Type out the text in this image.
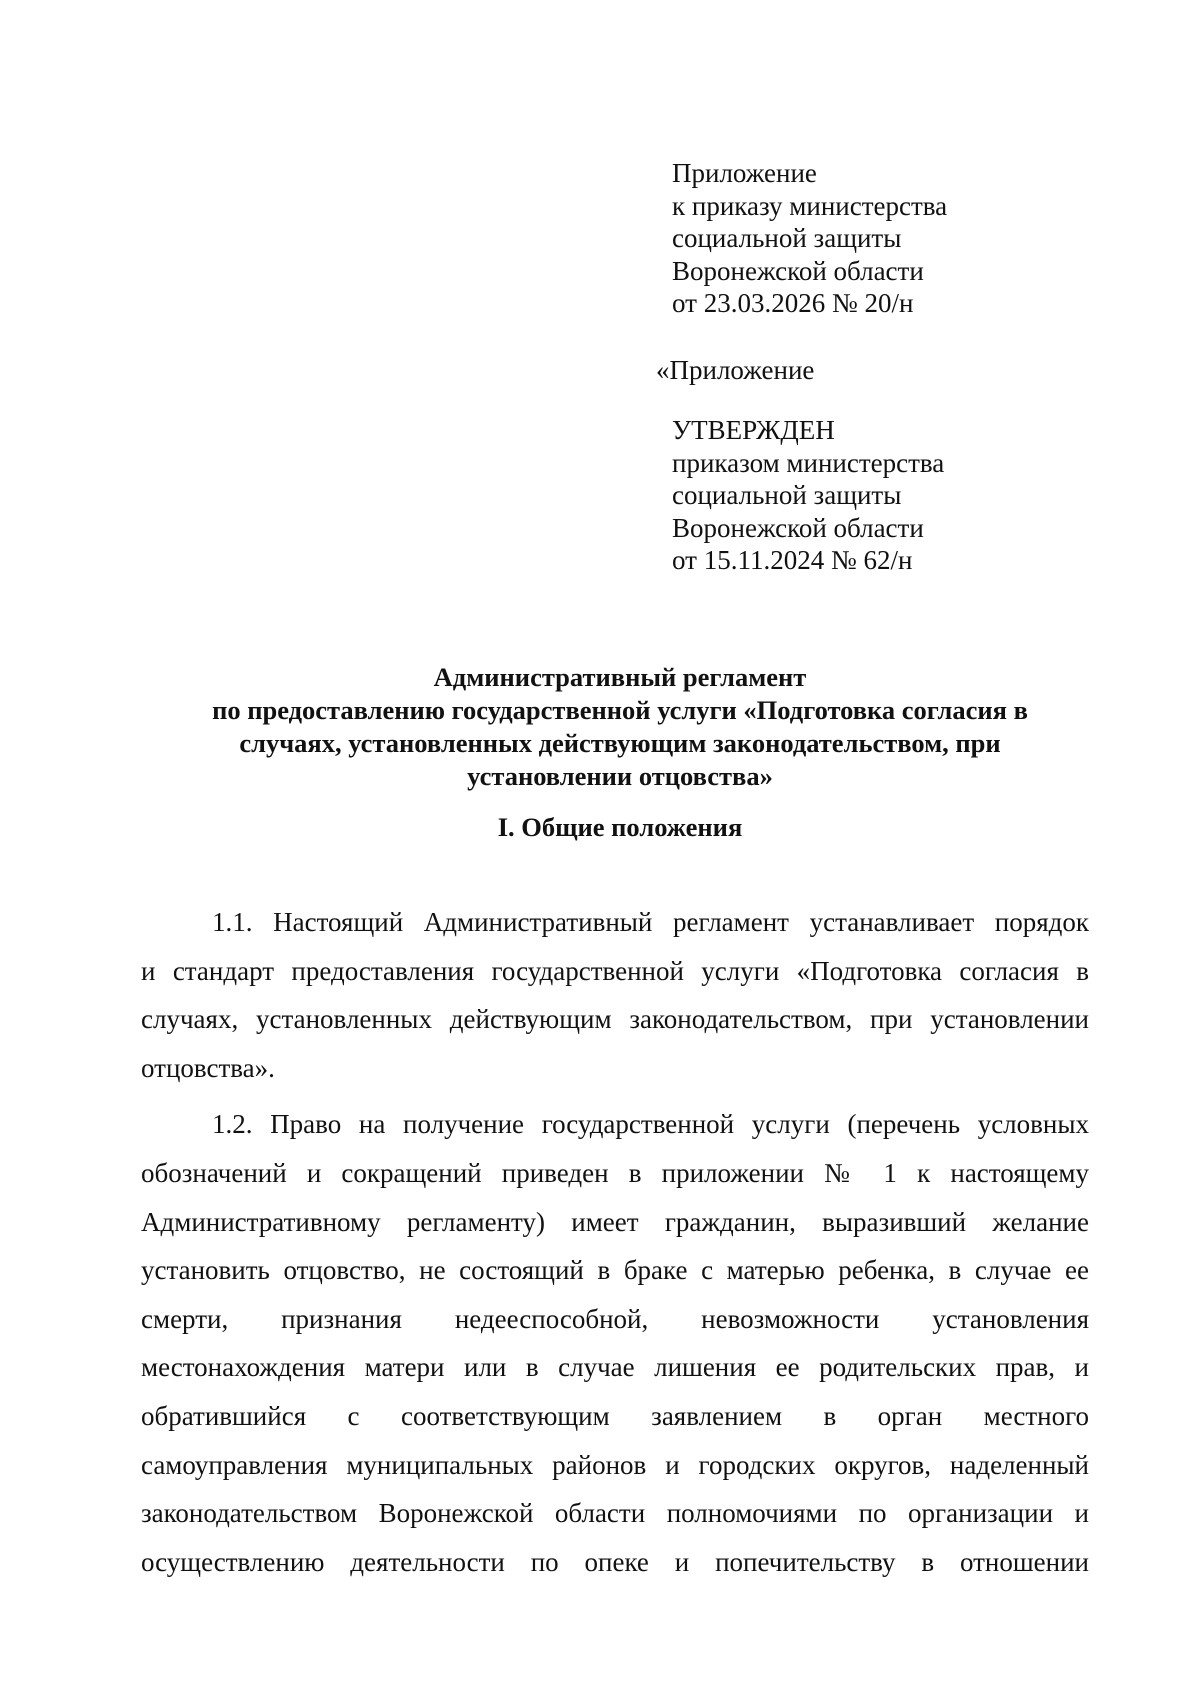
Приложение
к приказу министерства
социальной защиты
Воронежской области
от 23.03.2026 № 20/н
«Приложение
УТВЕРЖДЕН
приказом министерства
социальной защиты
Воронежской области
от 15.11.2024 № 62/н
Административный регламент
по предоставлению государственной услуги «Подготовка согласия в
случаях, установленных действующим законодательством, при
установлении отцовства»
I. Общие положения
1.1. Настоящий Административный регламент устанавливает порядок
и стандарт предоставления государственной услуги «Подготовка согласия в
случаях, установленных действующим законодательством, при установлении
отцовства».
1.2. Право на получение государственной услуги (перечень условных
обозначений и сокращений приведен в приложении № 1 к настоящему
Административному регламенту) имеет гражданин, выразивший желание
установить отцовство, не состоящий в браке с матерью ребенка, в случае ее
смерти, признания недееспособной, невозможности установления
местонахождения матери или в случае лишения ее родительских прав, и
обратившийся с соответствующим заявлением в орган местного
самоуправления муниципальных районов и городских округов, наделенный
законодательством Воронежской области полномочиями по организации и
осуществлению деятельности по опеке и попечительству в отношении
